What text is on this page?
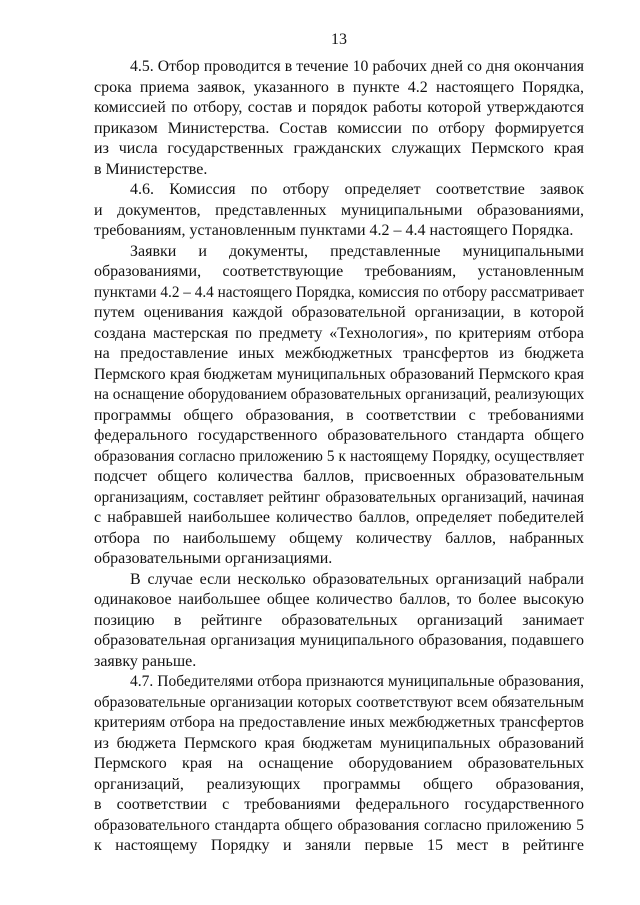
13
4.5. Отбор проводится в течение 10 рабочих дней со дня окончания
срока приема заявок, указанного в пункте 4.2 настоящего Порядка,
комиссией по отбору, состав и порядок работы которой утверждаются
приказом Министерства. Состав комиссии по отбору формируется
из числа государственных гражданских служащих Пермского края
в Министерстве.
4.6. Комиссия по отбору определяет соответствие заявок
и документов, представленных муниципальными образованиями,
требованиям, установленным пунктами 4.2 – 4.4 настоящего Порядка.
Заявки и документы, представленные муниципальными
образованиями, соответствующие требованиям, установленным
пунктами 4.2 – 4.4 настоящего Порядка, комиссия по отбору рассматривает
путем оценивания каждой образовательной организации, в которой
создана мастерская по предмету «Технология», по критериям отбора
на предоставление иных межбюджетных трансфертов из бюджета
Пермского края бюджетам муниципальных образований Пермского края
на оснащение оборудованием образовательных организаций, реализующих
программы общего образования, в соответствии с требованиями
федерального государственного образовательного стандарта общего
образования согласно приложению 5 к настоящему Порядку, осуществляет
подсчет общего количества баллов, присвоенных образовательным
организациям, составляет рейтинг образовательных организаций, начиная
с набравшей наибольшее количество баллов, определяет победителей
отбора по наибольшему общему количеству баллов, набранных
образовательными организациями.
В случае если несколько образовательных организаций набрали
одинаковое наибольшее общее количество баллов, то более высокую
позицию в рейтинге образовательных организаций занимает
образовательная организация муниципального образования, подавшего
заявку раньше.
4.7. Победителями отбора признаются муниципальные образования,
образовательные организации которых соответствуют всем обязательным
критериям отбора на предоставление иных межбюджетных трансфертов
из бюджета Пермского края бюджетам муниципальных образований
Пермского края на оснащение оборудованием образовательных
организаций, реализующих программы общего образования,
в соответствии с требованиями федерального государственного
образовательного стандарта общего образования согласно приложению 5
к настоящему Порядку и заняли первые 15 мест в рейтинге
